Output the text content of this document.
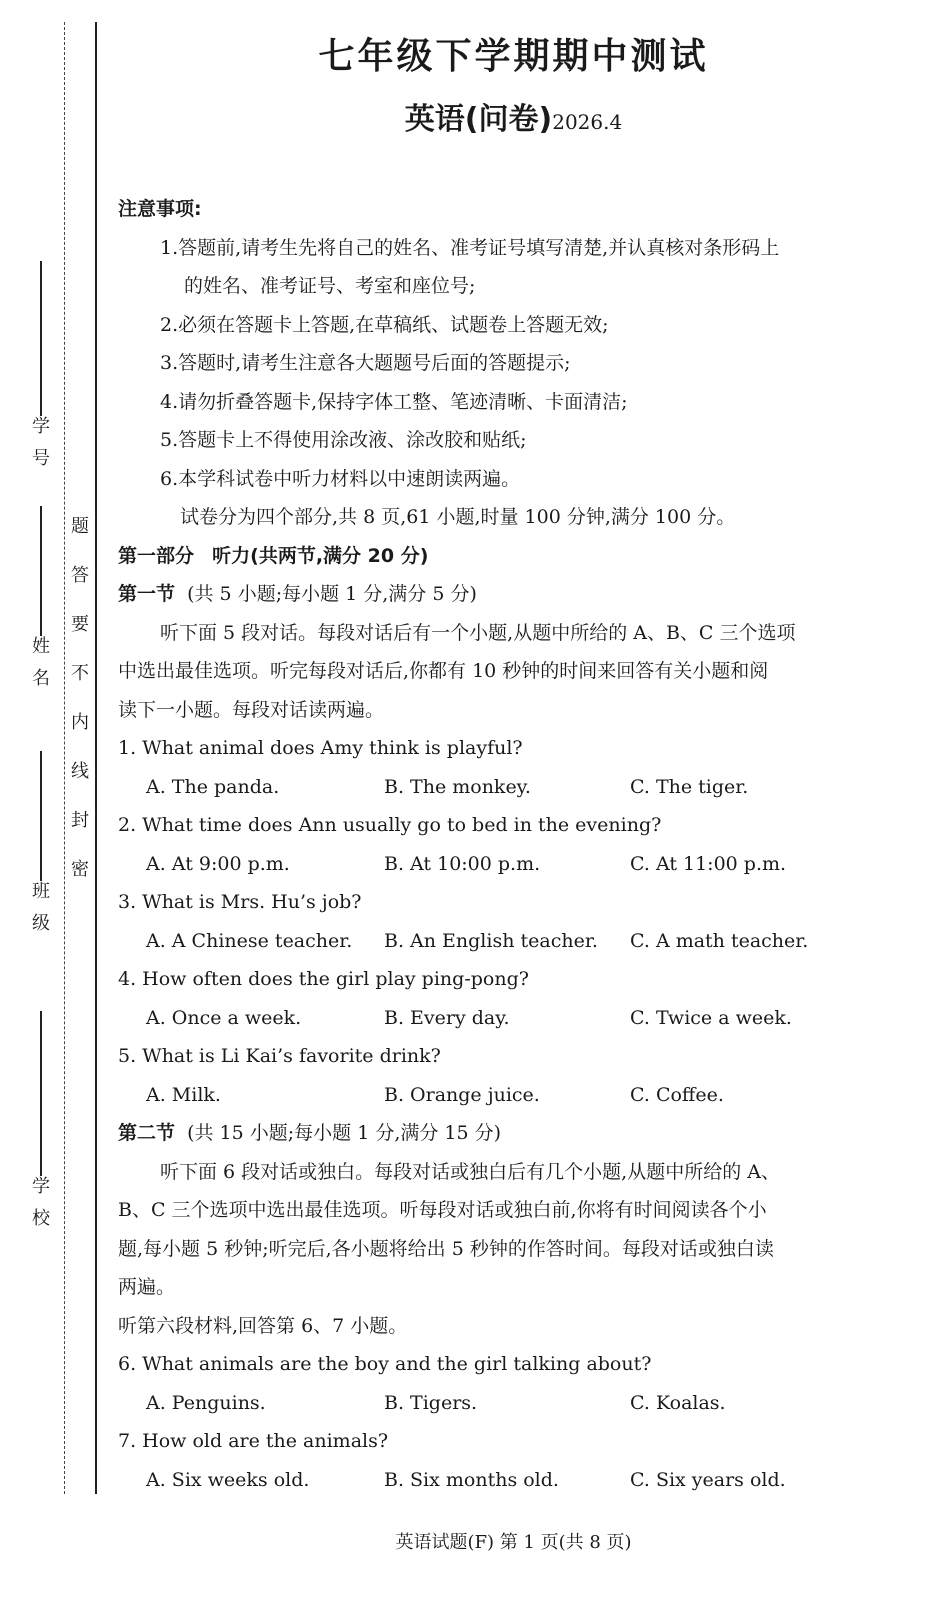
学号
姓名
班级
学校
题
答
要
不
内
线
封
密
七年级下学期期中测试
英语(问卷)2026.4
注意事项:
1.答题前,请考生先将自己的姓名、准考证号填写清楚,并认真核对条形码上
的姓名、准考证号、考室和座位号;
2.必须在答题卡上答题,在草稿纸、试题卷上答题无效;
3.答题时,请考生注意各大题题号后面的答题提示;
4.请勿折叠答题卡,保持字体工整、笔迹清晰、卡面清洁;
5.答题卡上不得使用涂改液、涂改胶和贴纸;
6.本学科试卷中听力材料以中速朗读两遍。
试卷分为四个部分,共 8 页,61 小题,时量 100 分钟,满分 100 分。
第一部分 听力(共两节,满分 20 分)
第一节 (共 5 小题;每小题 1 分,满分 5 分)
听下面 5 段对话。每段对话后有一个小题,从题中所给的 A、B、C 三个选项
中选出最佳选项。听完每段对话后,你都有 10 秒钟的时间来回答有关小题和阅
读下一小题。每段对话读两遍。
1. What animal does Amy think is playful?
A. The panda.	B. The monkey.	C. The tiger.
2. What time does Ann usually go to bed in the evening?
A. At 9:00 p.m.	B. At 10:00 p.m.	C. At 11:00 p.m.
3. What is Mrs. Hu’s job?
A. A Chinese teacher. B. An English teacher. C. A math teacher.
4. How often does the girl play ping-pong?
A. Once a week.	B. Every day.	C. Twice a week.
5. What is Li Kai’s favorite drink?
A. Milk.	B. Orange juice.	C. Coffee.
第二节 (共 15 小题;每小题 1 分,满分 15 分)
听下面 6 段对话或独白。每段对话或独白后有几个小题,从题中所给的 A、
B、C 三个选项中选出最佳选项。听每段对话或独白前,你将有时间阅读各个小
题,每小题 5 秒钟;听完后,各小题将给出 5 秒钟的作答时间。每段对话或独白读
两遍。
听第六段材料,回答第 6、7 小题。
6. What animals are the boy and the girl talking about?
A. Penguins.	B. Tigers.	C. Koalas.
7. How old are the animals?
A. Six weeks old.	B. Six months old.	C. Six years old.
英语试题(F) 第 1 页(共 8 页)
